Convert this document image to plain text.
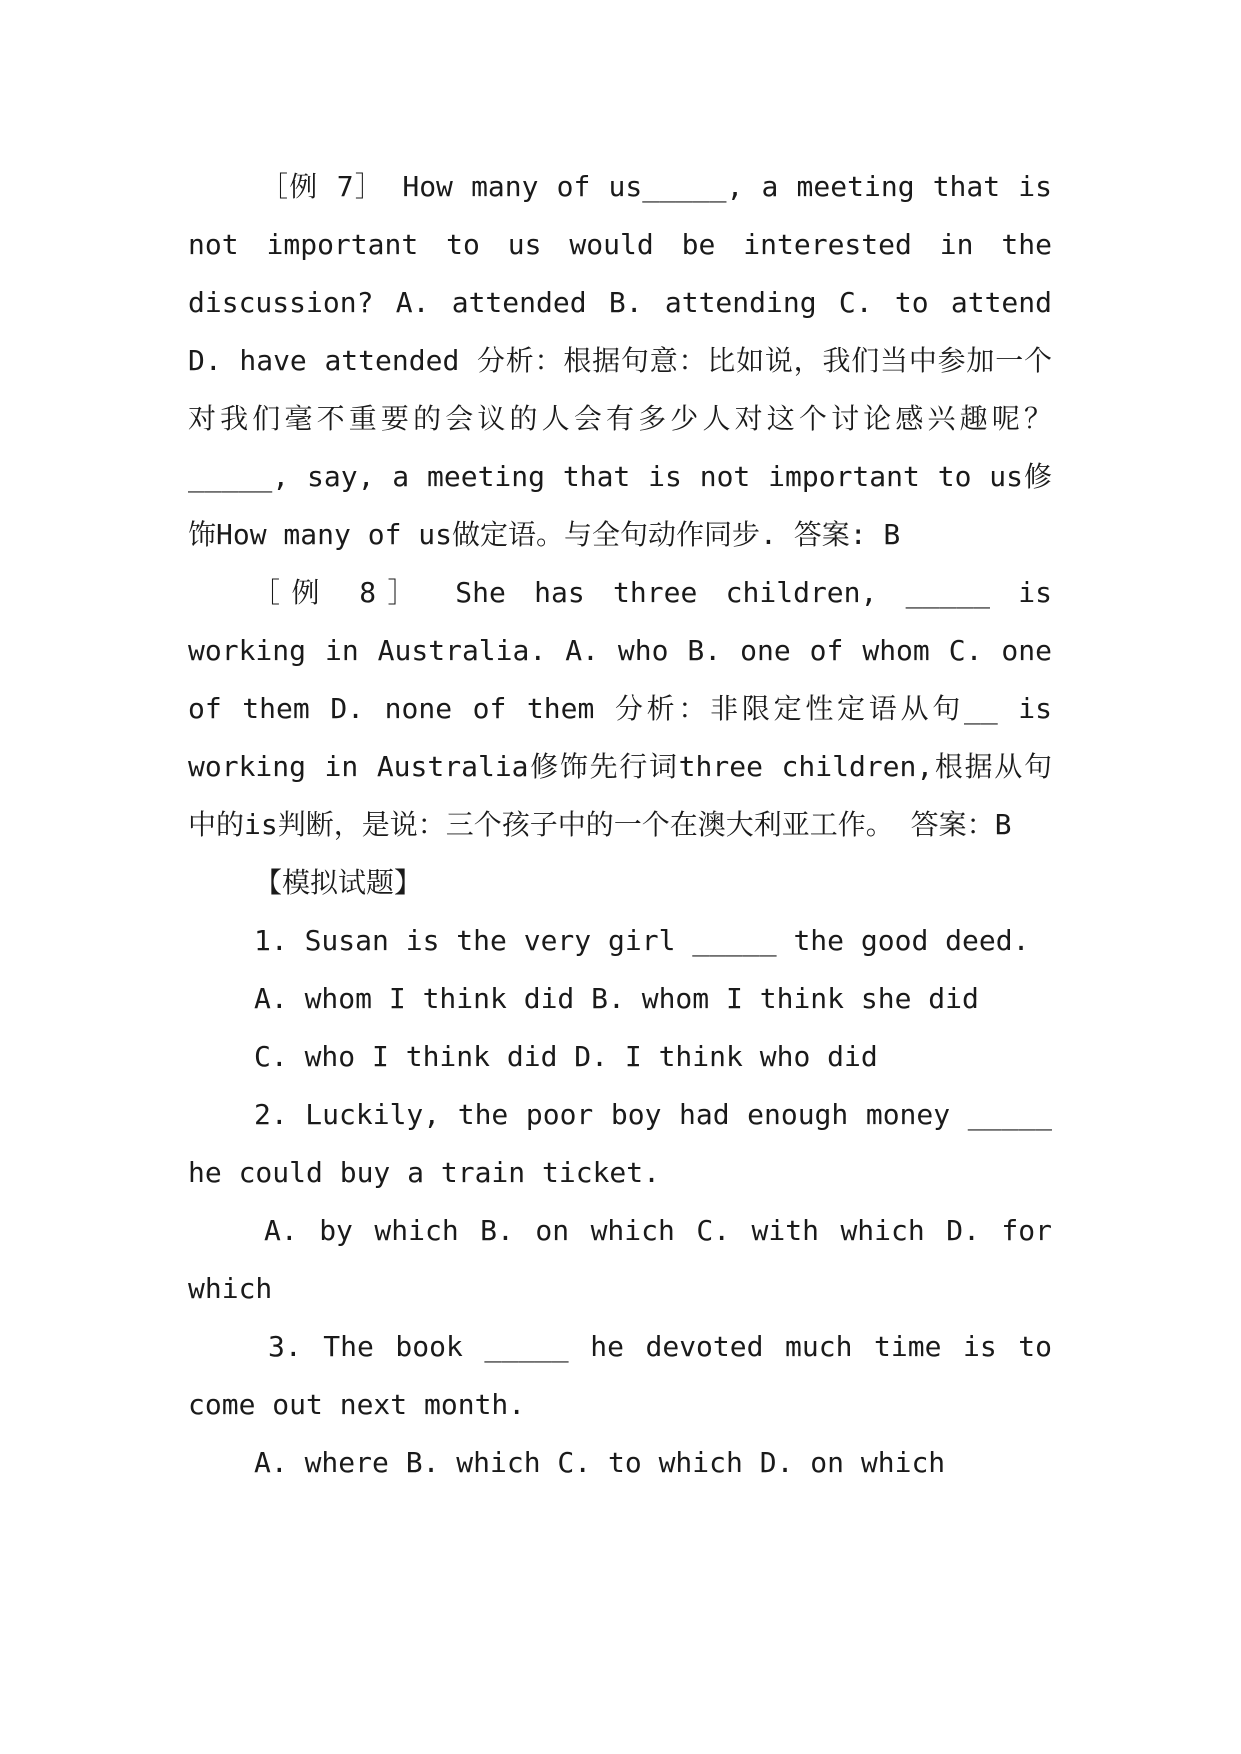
［例 7］ How many of us_____, a meeting that is not important to us would be interested in the discussion? A. attended B. attending C. to attend D. have attended 分析：根据句意：比如说，我们当中参加一个对我们毫不重要的会议的人会有多少人对这个讨论感兴趣呢？ _____, say, a meeting that is not important to us修饰How many of us做定语。与全句动作同步. 答案: B

［例 8］ She has three children, _____ is working in Australia. A. who B. one of whom C. one of them D. none of them 分析：非限定性定语从句__ is working in Australia修饰先行词three children,根据从句中的is判断，是说：三个孩子中的一个在澳大利亚工作。 答案：B

【模拟试题】

1. Susan is the very girl _____ the good deed.

A. whom I think did B. whom I think she did

C. who I think did D. I think who did

2. Luckily, the poor boy had enough money _____ he could buy a train ticket.

A. by which B. on which C. with which D. for which

3. The book _____ he devoted much time is to come out next month.

A. where B. which C. to which D. on which
